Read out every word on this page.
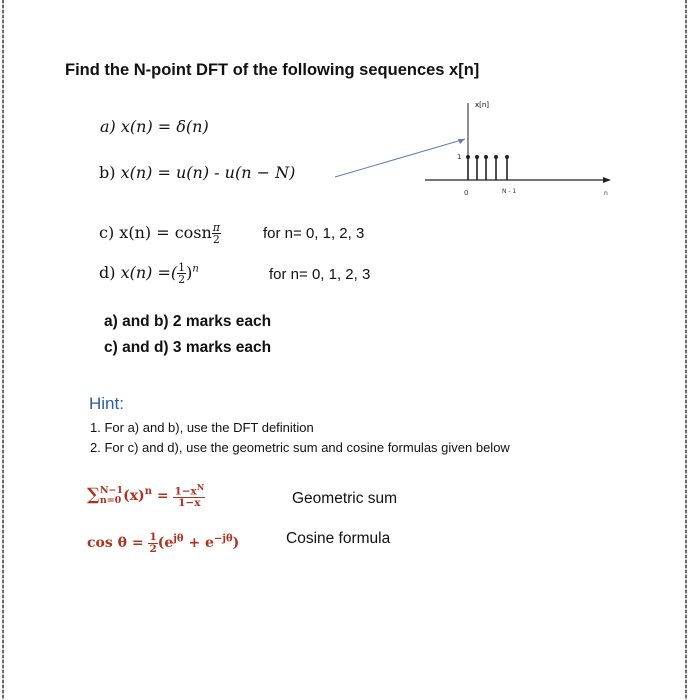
Find the N-point DFT of the following sequences x[n]
a) x(n) = δ(n)
b) x(n) = u(n) - u(n − N)
c) x(n) = cosn $\frac{\pi}{2}$	for n= 0, 1, 2, 3
d) x(n) =( $\frac{1}{2} )^n$	for n= 0, 1, 2, 3
a) and b) 2 marks each
c) and d) 3 marks each
Hint:
1. For a) and b), use the DFT definition
2. For c) and d), use the geometric sum and cosine formulas given below
∑ N−1
n=0 $(x)^n = \frac{1-x^N}{1-x}$	Geometric sum
$\cos \theta = \frac{1}{2} (e^{j\theta} + e^{-j\theta})$	Cosine formula
x[n]
1
0	N - 1	n
